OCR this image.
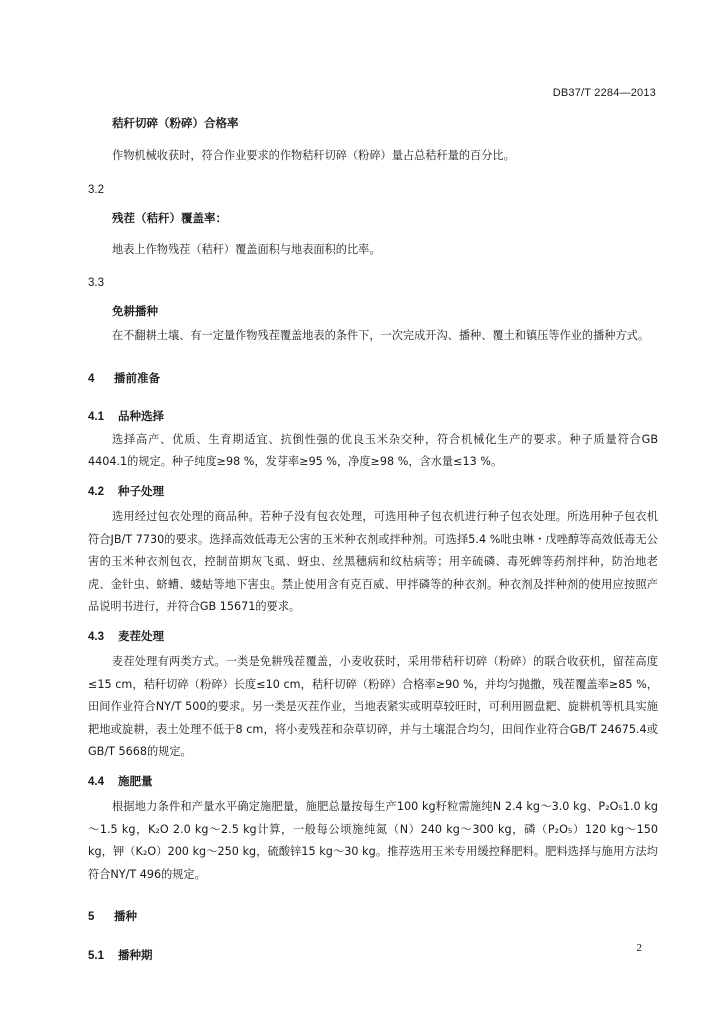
DB37/T 2284—2013
秸秆切碎（粉碎）合格率

作物机械收获时，符合作业要求的作物秸秆切碎（粉碎）量占总秸秆量的百分比。

3.2
残茬（秸秆）覆盖率：

地表上作物残茬（秸秆）覆盖面积与地表面积的比率。

3.3
免耕播种

在不翻耕土壤、有一定量作物残茬覆盖地表的条件下，一次完成开沟、播种、覆土和镇压等作业的播种方式。

4 播前准备
4.1 品种选择

选择高产、优质、生育期适宜、抗倒性强的优良玉米杂交种，符合机械化生产的要求。种子质量符合GB 4404.1的规定。种子纯度≥98 %，发芽率≥95 %，净度≥98 %，含水量≤13 %。

4.2 种子处理

选用经过包衣处理的商品种。若种子没有包衣处理，可选用种子包衣机进行种子包衣处理。所选用种子包衣机符合JB/T 7730的要求。选择高效低毒无公害的玉米种衣剂或拌种剂。可选择5.4 %吡虫啉・戊唑醇等高效低毒无公害的玉米种衣剂包衣，控制苗期灰飞虱、蚜虫、丝黑穗病和纹枯病等；用辛硫磷、毒死蜱等药剂拌种，防治地老虎、金针虫、蛴螬、蝼蛄等地下害虫。禁止使用含有克百威、甲拌磷等的种衣剂。种衣剂及拌种剂的使用应按照产品说明书进行，并符合GB 15671的要求。

4.3 麦茬处理

麦茬处理有两类方式。一类是免耕残茬覆盖，小麦收获时，采用带秸秆切碎（粉碎）的联合收获机，留茬高度≤15 cm，秸秆切碎（粉碎）长度≤10 cm，秸秆切碎（粉碎）合格率≥90 %，并均匀抛撒，残茬覆盖率≥85 %，田间作业符合NY/T 500的要求。另一类是灭茬作业，当地表紧实或明草较旺时，可利用圆盘耙、旋耕机等机具实施耙地或旋耕，表土处理不低于8 cm，将小麦残茬和杂草切碎，并与土壤混合均匀，田间作业符合GB/T 24675.4或GB/T 5668的规定。

4.4 施肥量

根据地力条件和产量水平确定施肥量，施肥总量按每生产100 kg籽粒需施纯N 2.4 kg～3.0 kg、P₂O₅1.0 kg～1.5 kg，K₂O 2.0 kg～2.5 kg计算，一般每公顷施纯氮（N）240 kg～300 kg，磷（P₂O₅）120 kg～150 kg，钾（K₂O）200 kg～250 kg，硫酸锌15 kg～30 kg。推荐选用玉米专用缓控释肥料。肥料选择与施用方法均符合NY/T 496的规定。

5 播种
5.1 播种期
2
